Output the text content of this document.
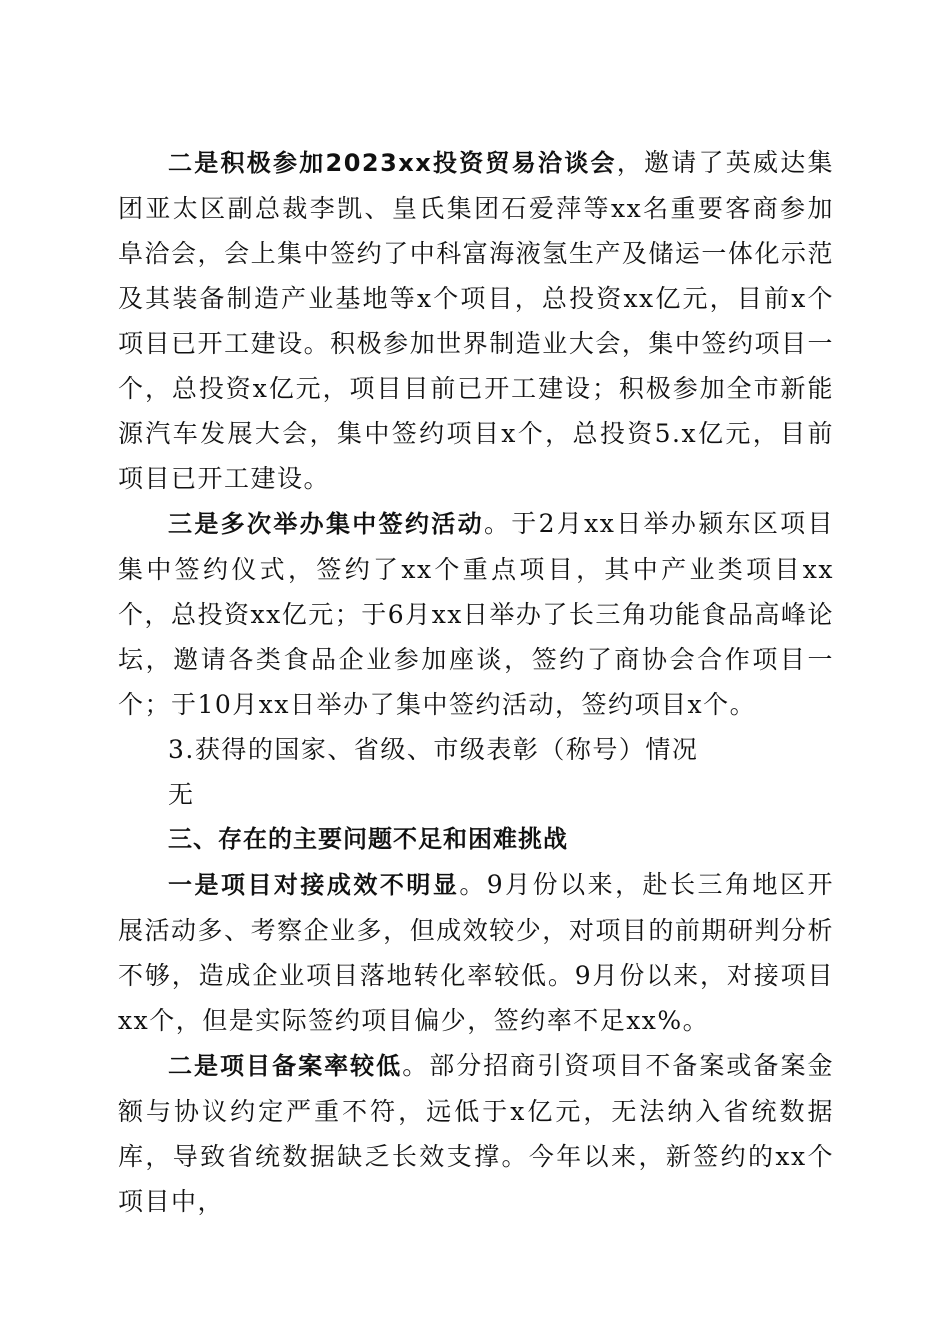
二是积极参加2023xx投资贸易洽谈会，邀请了英威达集团亚太区副总裁李凯、皇氏集团石爱萍等xx名重要客商参加阜洽会，会上集中签约了中科富海液氢生产及储运一体化示范及其装备制造产业基地等x个项目，总投资xx亿元，目前x个项目已开工建设。积极参加世界制造业大会，集中签约项目一个，总投资x亿元，项目目前已开工建设；积极参加全市新能源汽车发展大会，集中签约项目x个，总投资5.x亿元，目前项目已开工建设。

三是多次举办集中签约活动。于2月xx日举办颍东区项目集中签约仪式，签约了xx个重点项目，其中产业类项目xx个，总投资xx亿元；于6月xx日举办了长三角功能食品高峰论坛，邀请各类食品企业参加座谈，签约了商协会合作项目一个；于10月xx日举办了集中签约活动，签约项目x个。

3.获得的国家、省级、市级表彰（称号）情况

无

三、存在的主要问题不足和困难挑战

一是项目对接成效不明显。9月份以来，赴长三角地区开展活动多、考察企业多，但成效较少，对项目的前期研判分析不够，造成企业项目落地转化率较低。9月份以来，对接项目xx个，但是实际签约项目偏少，签约率不足xx%。

二是项目备案率较低。部分招商引资项目不备案或备案金额与协议约定严重不符，远低于x亿元，无法纳入省统数据库，导致省统数据缺乏长效支撑。今年以来，新签约的xx个项目中，
